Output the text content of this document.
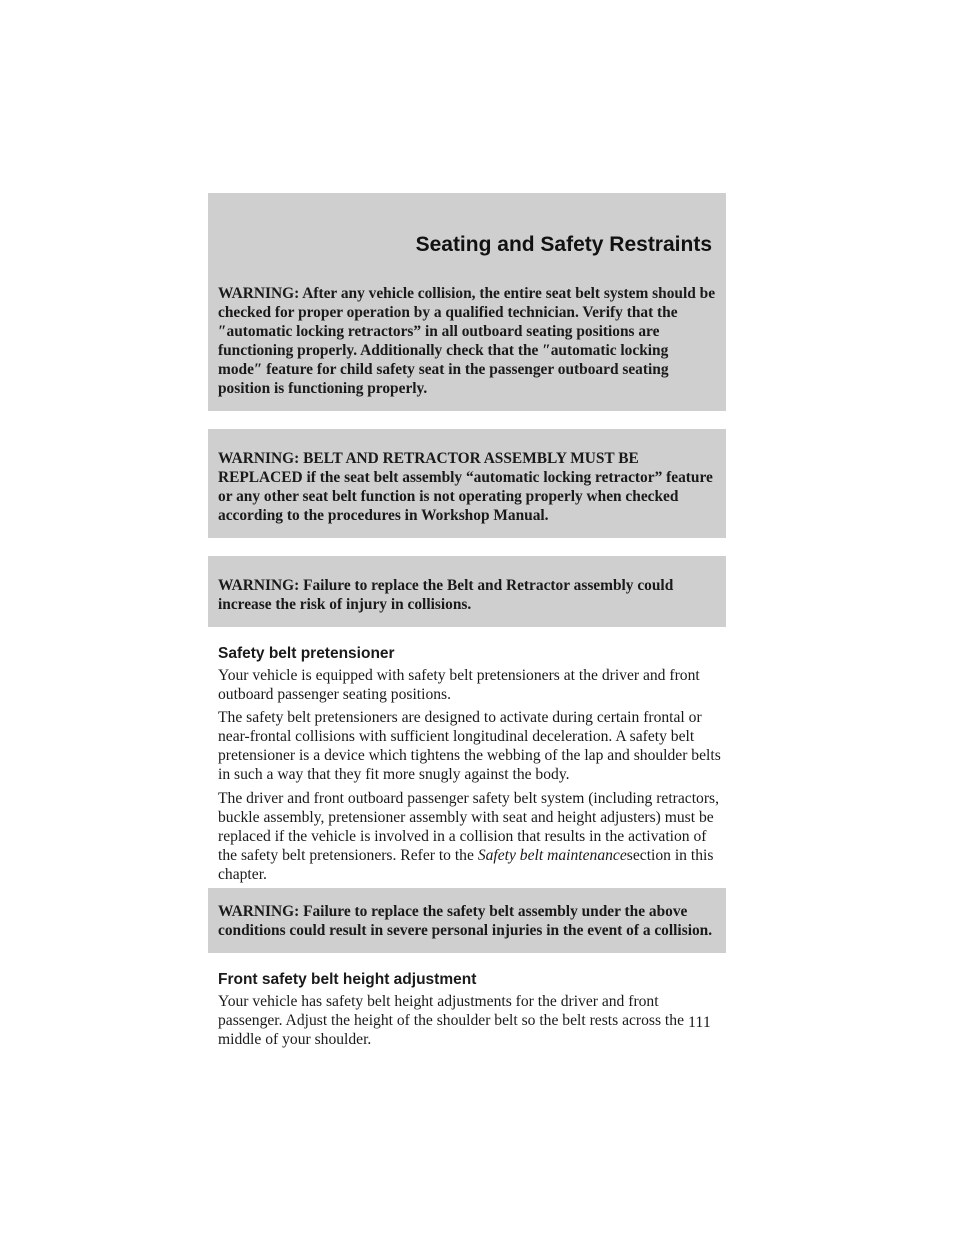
Seating and Safety Restraints
WARNING: After any vehicle collision, the entire seat belt system should be checked for proper operation by a qualified technician. Verify that the ″automatic locking retractors” in all outboard seating positions are functioning properly. Additionally check that the ″automatic locking mode″ feature for child safety seat in the passenger outboard seating position is functioning properly.
WARNING: BELT AND RETRACTOR ASSEMBLY MUST BE REPLACED if the seat belt assembly “automatic locking retractor” feature or any other seat belt function is not operating properly when checked according to the procedures in Workshop Manual.
WARNING: Failure to replace the Belt and Retractor assembly could increase the risk of injury in collisions.
Safety belt pretensioner

Your vehicle is equipped with safety belt pretensioners at the driver and front outboard passenger seating positions.

The safety belt pretensioners are designed to activate during certain frontal or near-frontal collisions with sufficient longitudinal deceleration. A safety belt pretensioner is a device which tightens the webbing of the lap and shoulder belts in such a way that they fit more snugly against the body.

The driver and front outboard passenger safety belt system (including retractors, buckle assembly, pretensioner assembly with seat and height adjusters) must be replaced if the vehicle is involved in a collision that results in the activation of the safety belt pretensioners. Refer to the Safety belt maintenancesection in this chapter.

WARNING: Failure to replace the safety belt assembly under the above conditions could result in severe personal injuries in the event of a collision.
Front safety belt height adjustment

Your vehicle has safety belt height adjustments for the driver and front passenger. Adjust the height of the shoulder belt so the belt rests across the middle of your shoulder.

111
